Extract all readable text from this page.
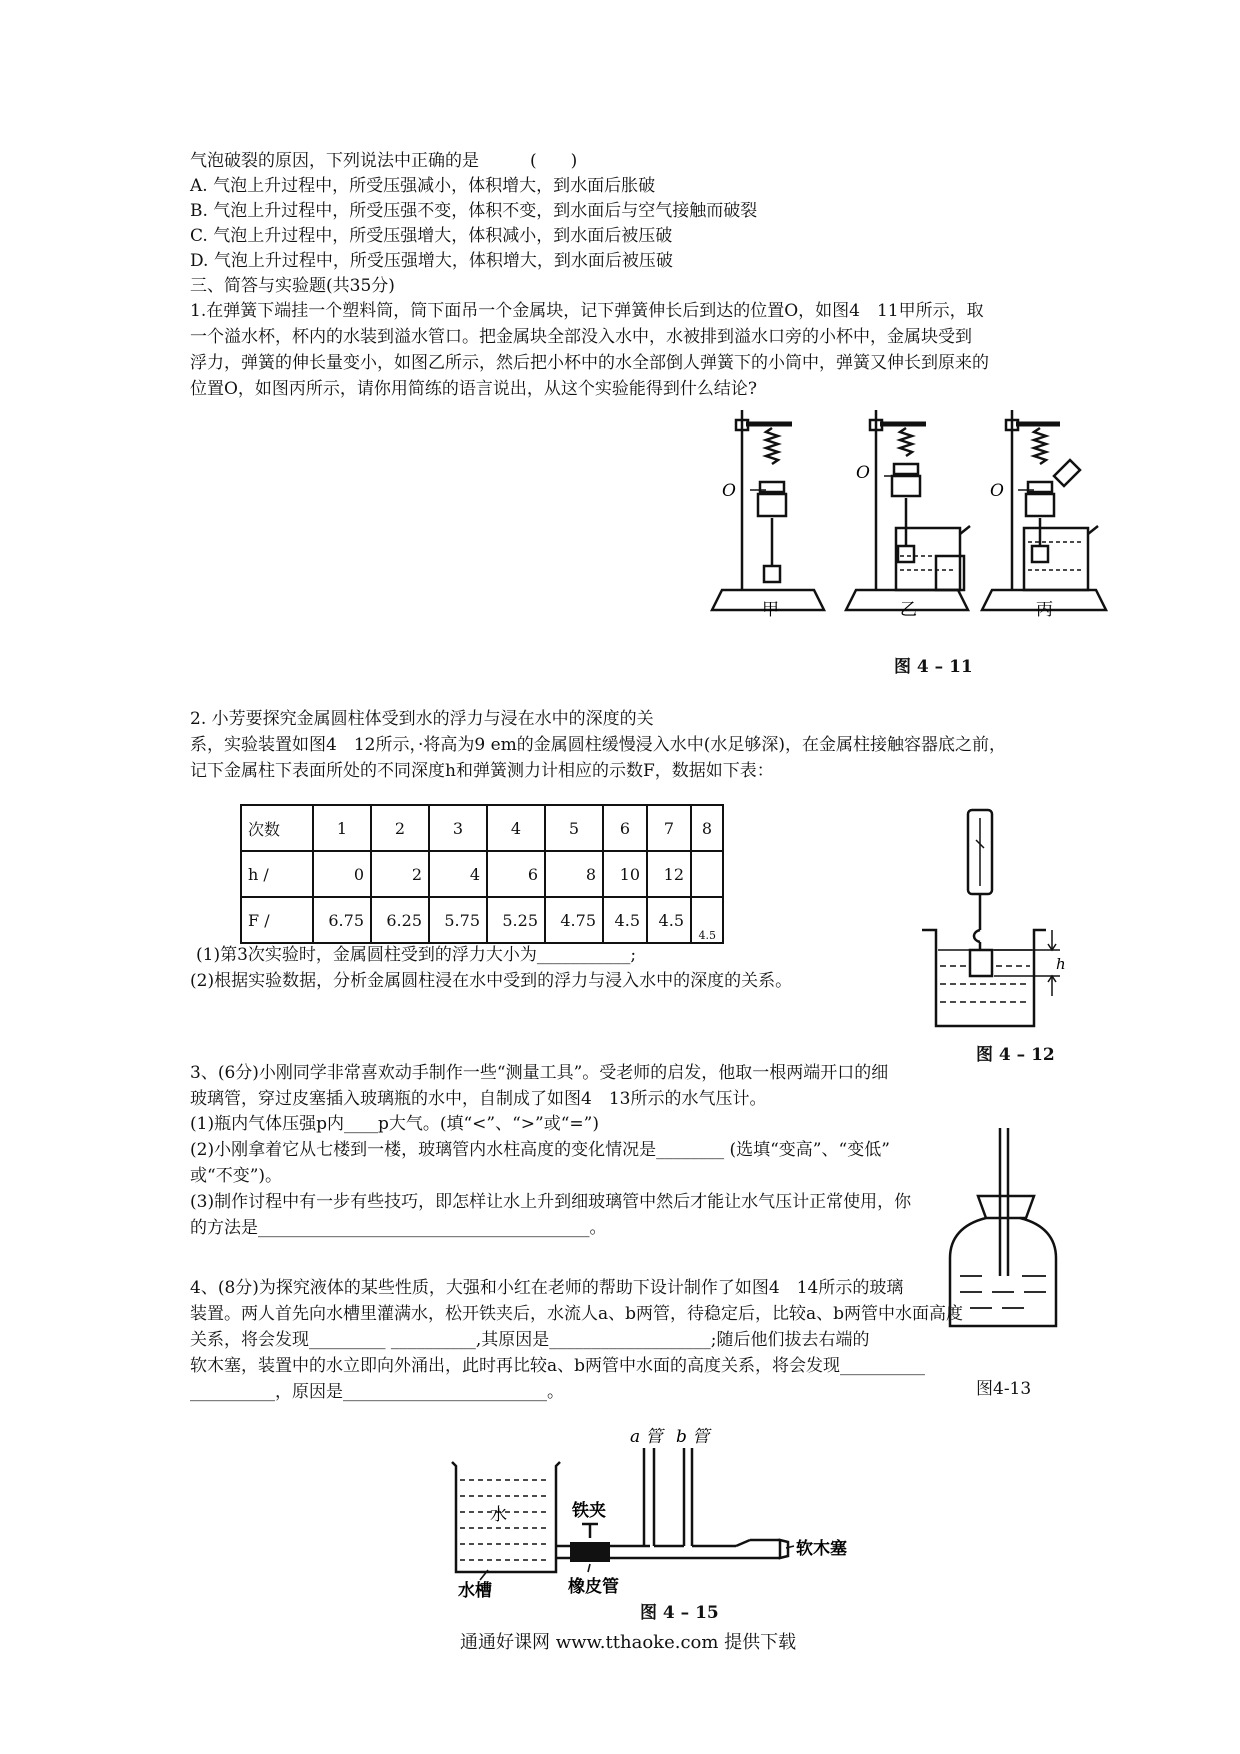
气泡破裂的原因，下列说法中正确的是　　　(　　)
A. 气泡上升过程中，所受压强减小，体积增大，到水面后胀破
B. 气泡上升过程中，所受压强不变，体积不变，到水面后与空气接触而破裂
C. 气泡上升过程中，所受压强增大，体积减小，到水面后被压破
D. 气泡上升过程中，所受压强增大，体积增大，到水面后被压破
三、简答与实验题(共35分)
1.在弹簧下端挂一个塑料筒，筒下面吊一个金属块，记下弹簧伸长后到达的位置O，如图4　11甲所示，取
一个溢水杯，杯内的水装到溢水管口。把金属块全部没入水中，水被排到溢水口旁的小杯中，金属块受到
浮力，弹簧的伸长量变小，如图乙所示，然后把小杯中的水全部倒人弹簧下的小筒中，弹簧又伸长到原来的
位置O，如图丙所示，请你用简练的语言说出，从这个实验能得到什么结论?
O
O
O
甲	乙	丙
图 4 – 11
2. 小芳要探究金属圆柱体受到水的浮力与浸在水中的深度的关
系，实验装置如图4　12所示，·将高为9 em的金属圆柱缓慢浸入水中(水足够深)，在金属柱接触容器底之前，
记下金属柱下表面所处的不同深度h和弹簧测力计相应的示数F，数据如下表：
次数	1	2	3	4	5	6	7	8
h /	0	2	4	6	8	10	12	
F /	6.75	6.25	5.75	5.25	4.75	4.5	4.5	4.5
h
(1)第3次实验时，金属圆柱受到的浮力大小为___________;
(2)根据实验数据，分析金属圆柱浸在水中受到的浮力与浸入水中的深度的关系。
图 4 – 12
3、(6分)小刚同学非常喜欢动手制作一些“测量工具”。受老师的启发，他取一根两端开口的细
玻璃管，穿过皮塞插入玻璃瓶的水中，自制成了如图4　13所示的水气压计。
(1)瓶内气体压强p内____p大气。(填“<”、“>”或“=”)
(2)小刚拿着它从七楼到一楼，玻璃管内水柱高度的变化情况是________ (选填“变高”、“变低”
或“不变”)。
(3)制作讨程中有一步有些技巧，即怎样让水上升到细玻璃管中然后才能让水气压计正常使用，你
的方法是_______________________________________。
4、(8分)为探究液体的某些性质，大强和小红在老师的帮助下设计制作了如图4　14所示的玻璃
装置。两人首先向水槽里灌满水，松开铁夹后，水流人a、b两管，待稳定后，比较a、b两管中水面高度
关系，将会发现_________ __________,其原因是___________________;随后他们拔去右端的
软木塞，装置中的水立即向外涌出，此时再比较a、b两管中水面的高度关系，将会发现__________
__________，原因是________________________。	图4-13
水
水槽
铁夹
橡皮管
a 管 b 管
软木塞
图 4 – 15
通通好课网 www.tthaoke.com 提供下载
